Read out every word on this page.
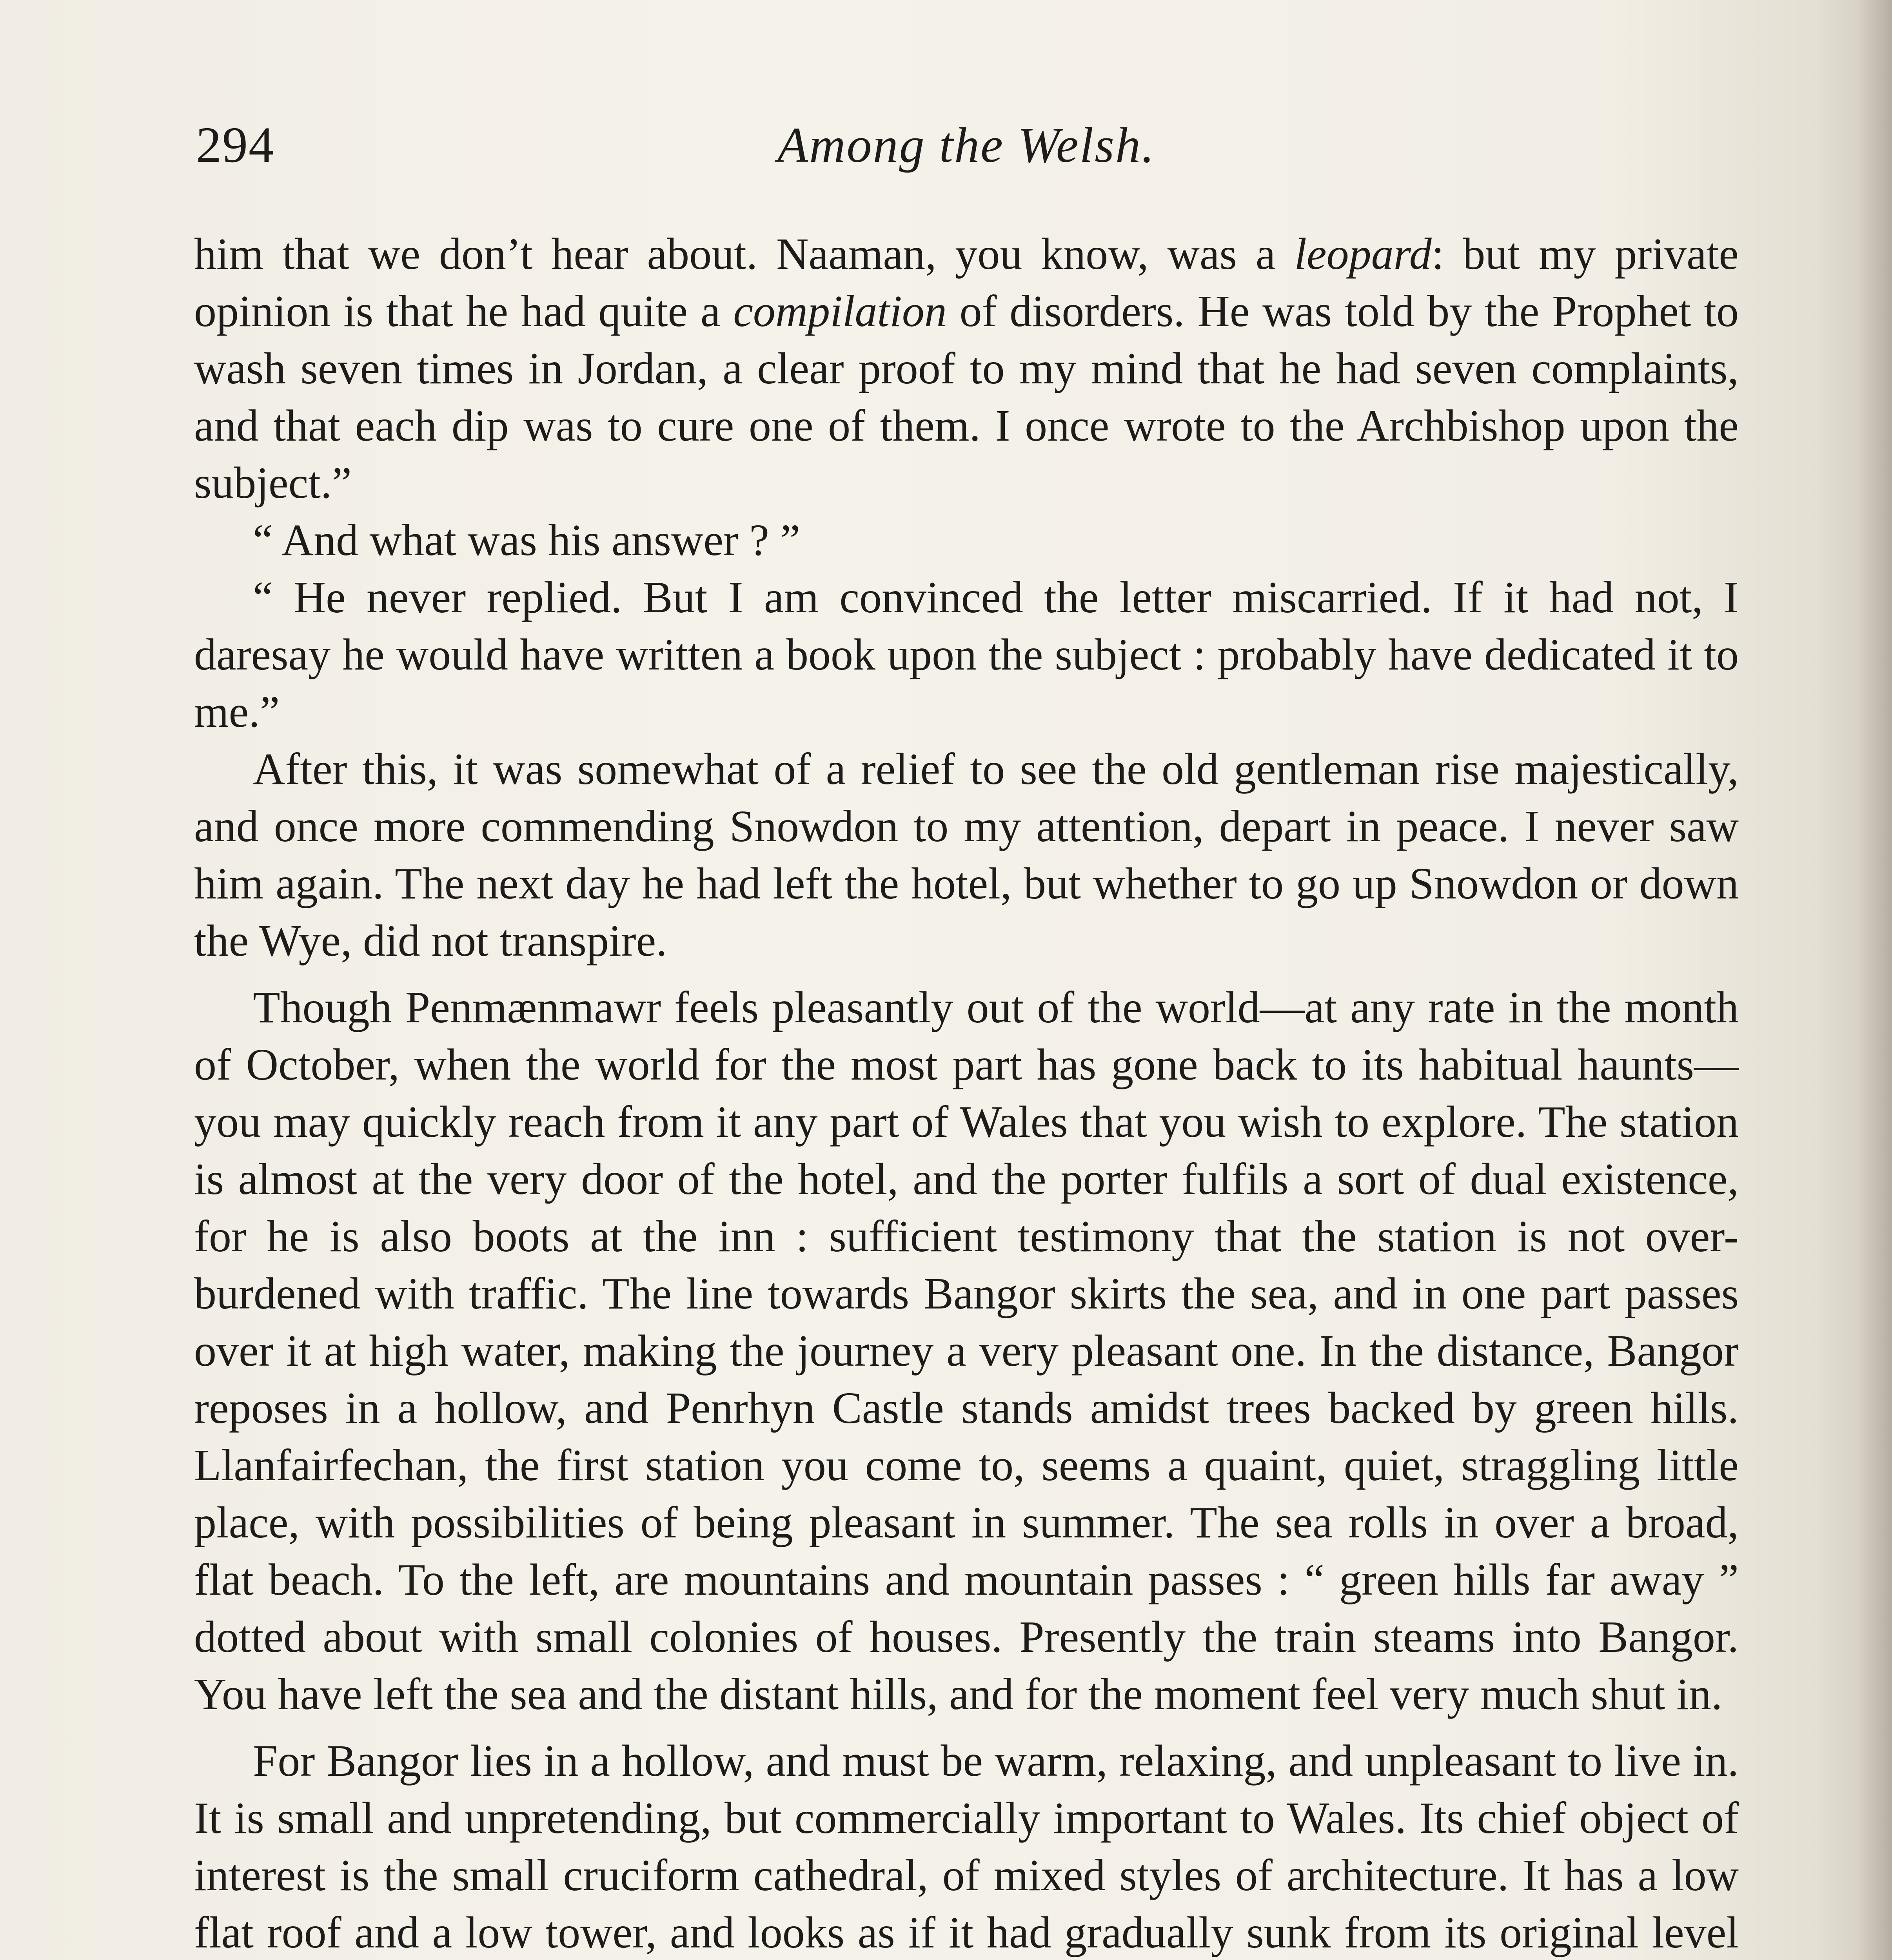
294	Among the Welsh.

him that we don’t hear about. Naaman, you know, was a leopard: but my private opinion is that he had quite a compilation of disorders. He was told by the Prophet to wash seven times in Jordan, a clear proof to my mind that he had seven complaints, and that each dip was to cure one of them. I once wrote to the Archbishop upon the subject.”

“ And what was his answer ? ”

“ He never replied. But I am convinced the letter miscarried. If it had not, I daresay he would have written a book upon the subject : probably have dedicated it to me.”

After this, it was somewhat of a relief to see the old gentleman rise majestically, and once more commending Snowdon to my attention, depart in peace. I never saw him again. The next day he had left the hotel, but whether to go up Snowdon or down the Wye, did not transpire.

Though Penmænmawr feels pleasantly out of the world—at any rate in the month of October, when the world for the most part has gone back to its habitual haunts—you may quickly reach from it any part of Wales that you wish to explore. The station is almost at the very door of the hotel, and the porter fulfils a sort of dual existence, for he is also boots at the inn : sufficient testimony that the station is not over-burdened with traffic. The line towards Bangor skirts the sea, and in one part passes over it at high water, making the journey a very pleasant one. In the distance, Bangor reposes in a hollow, and Penrhyn Castle stands amidst trees backed by green hills. Llanfairfechan, the first station you come to, seems a quaint, quiet, straggling little place, with possibilities of being pleasant in summer. The sea rolls in over a broad, flat beach. To the left, are mountains and mountain passes : “ green hills far away ” dotted about with small colonies of houses. Presently the train steams into Bangor. You have left the sea and the distant hills, and for the moment feel very much shut in.

For Bangor lies in a hollow, and must be warm, relaxing, and unpleasant to live in. It is small and unpretending, but commercially important to Wales. Its chief object of interest is the small cruciform cathedral, of mixed styles of architecture. It has a low flat roof and a low tower, and looks as if it had gradually sunk from its original level
